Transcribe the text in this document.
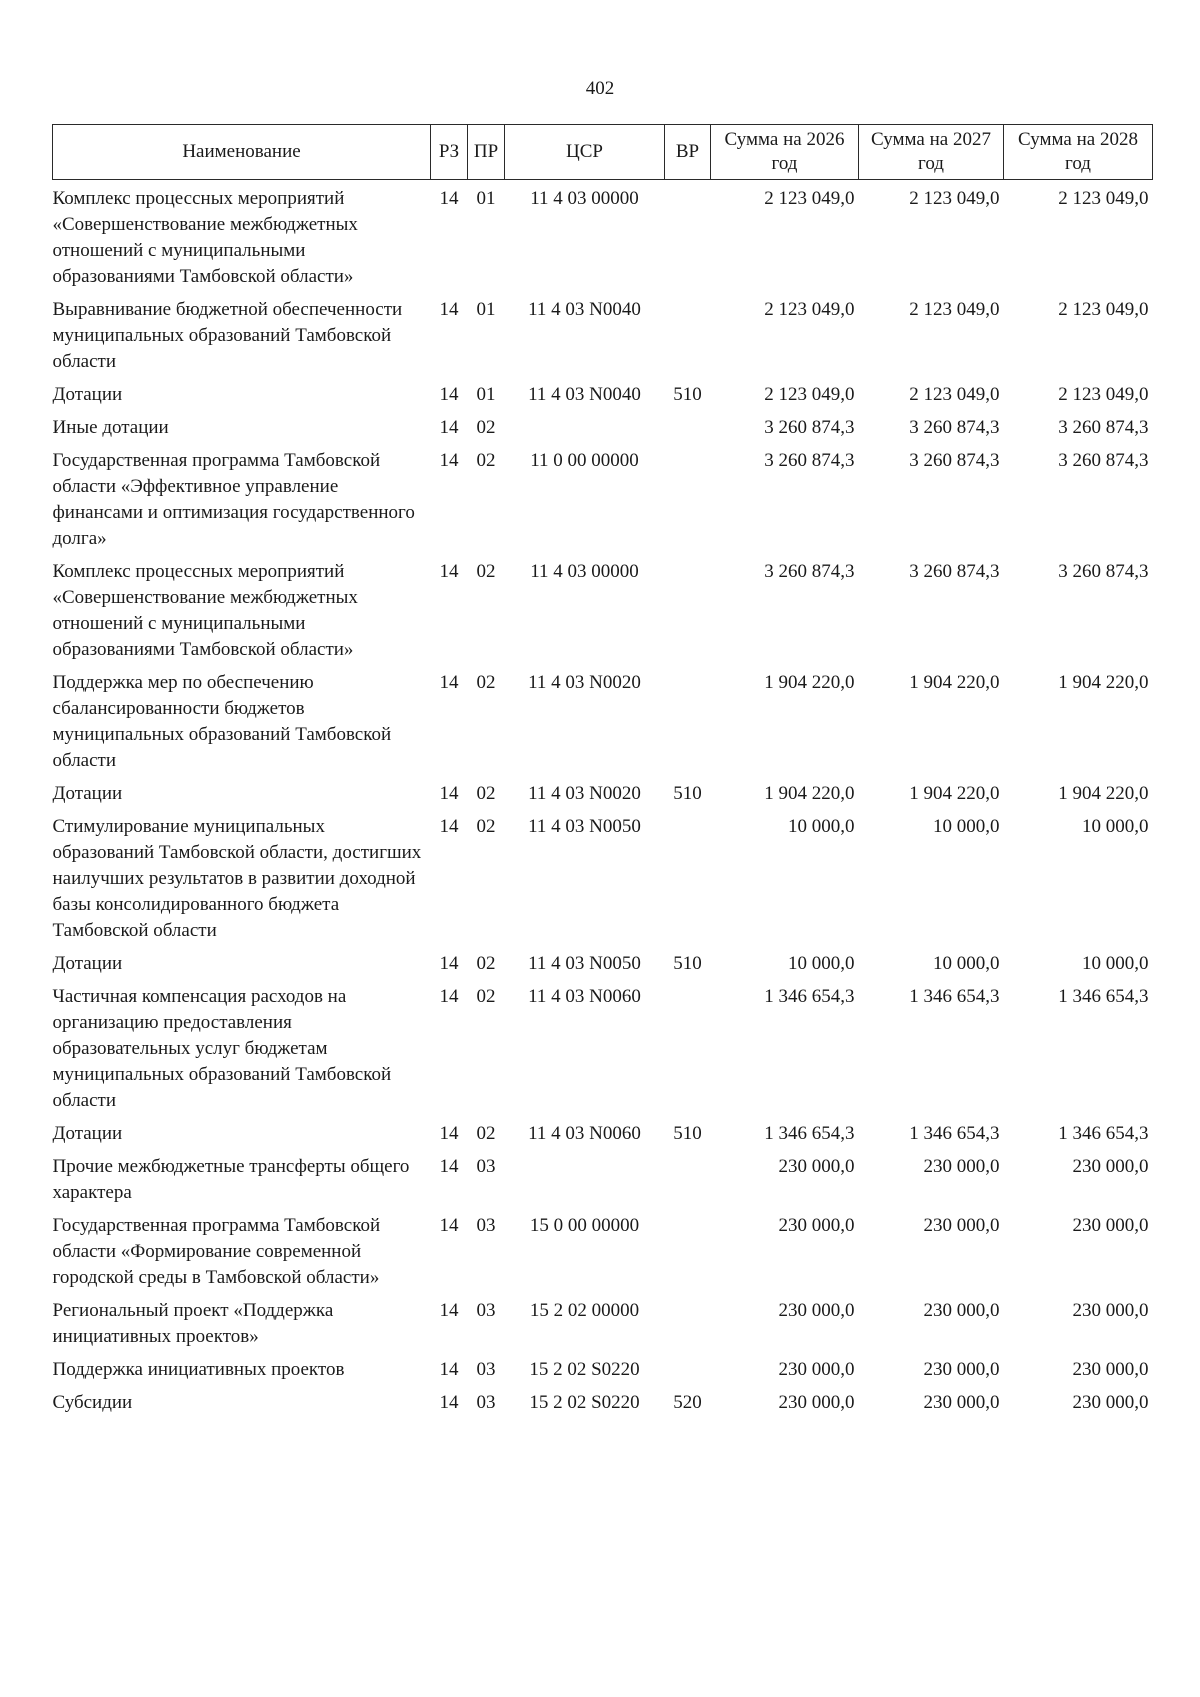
402
Наименование	РЗ	ПР	ЦСР	ВР	Сумма на 2026 год	Сумма на 2027 год	Сумма на 2028 год
Комплекс процессных мероприятий «Совершенствование межбюджетных отношений с муниципальными образованиями Тамбовской области»	14	01	11 4 03 00000		2 123 049,0	2 123 049,0	2 123 049,0
Выравнивание бюджетной обеспеченности муниципальных образований Тамбовской области	14	01	11 4 03 N0040		2 123 049,0	2 123 049,0	2 123 049,0
Дотации	14	01	11 4 03 N0040	510	2 123 049,0	2 123 049,0	2 123 049,0
Иные дотации	14	02			3 260 874,3	3 260 874,3	3 260 874,3
Государственная программа Тамбовской области «Эффективное управление финансами и оптимизация государственного долга»	14	02	11 0 00 00000		3 260 874,3	3 260 874,3	3 260 874,3
Комплекс процессных мероприятий «Совершенствование межбюджетных отношений с муниципальными образованиями Тамбовской области»	14	02	11 4 03 00000		3 260 874,3	3 260 874,3	3 260 874,3
Поддержка мер по обеспечению сбалансированности бюджетов муниципальных образований Тамбовской области	14	02	11 4 03 N0020		1 904 220,0	1 904 220,0	1 904 220,0
Дотации	14	02	11 4 03 N0020	510	1 904 220,0	1 904 220,0	1 904 220,0
Стимулирование муниципальных образований Тамбовской области, достигших наилучших результатов в развитии доходной базы консолидированного бюджета Тамбовской области	14	02	11 4 03 N0050		10 000,0	10 000,0	10 000,0
Дотации	14	02	11 4 03 N0050	510	10 000,0	10 000,0	10 000,0
Частичная компенсация расходов на организацию предоставления образовательных услуг бюджетам муниципальных образований Тамбовской области	14	02	11 4 03 N0060		1 346 654,3	1 346 654,3	1 346 654,3
Дотации	14	02	11 4 03 N0060	510	1 346 654,3	1 346 654,3	1 346 654,3
Прочие межбюджетные трансферты общего характера	14	03			230 000,0	230 000,0	230 000,0
Государственная программа Тамбовской области «Формирование современной городской среды в Тамбовской области»	14	03	15 0 00 00000		230 000,0	230 000,0	230 000,0
Региональный проект «Поддержка инициативных проектов»	14	03	15 2 02 00000		230 000,0	230 000,0	230 000,0
Поддержка инициативных проектов	14	03	15 2 02 S0220		230 000,0	230 000,0	230 000,0
Субсидии	14	03	15 2 02 S0220	520	230 000,0	230 000,0	230 000,0
